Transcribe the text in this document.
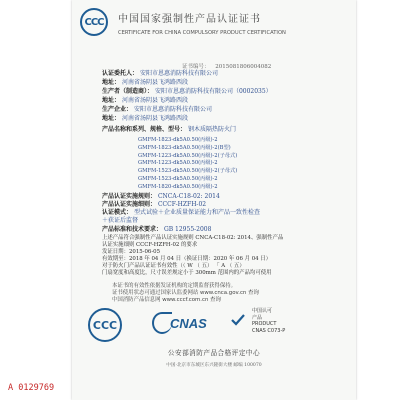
CCC	中国国家强制性产品认证证书
CERTIFICATE FOR CHINA COMPULSORY PRODUCT CERTIFICATION
证书编号： 2015081806004082
认证委托人： 安阳市恩惠消防科技有限公司
地址： 河南省汤阴县飞鸿路西段
生产者（制造商）： 安阳市恩惠消防科技有限公司（0002035）
地址： 河南省汤阴县飞鸿路西段
生产企业： 安阳市恩惠消防科技有限公司
地址： 河南省汤阴县飞鸿路西段
产品名称和系列、规格、型号： 钢木质隔热防火门
GMFM-1823-dk5A0.50(丙级)-2
GMFM-1823-dk5A0.50(丙级)-2(B型)
GMFM-1223-dk5A0.50(丙级)-2(子母式)
GMFM-1223-dk5A0.50(丙级)-2
GMFM-1523-dk5A0.50(丙级)-2(子母式)
GMFM-1523-dk5A0.50(丙级)-2
GMFM-1820-dk5A0.50(丙级)-2
产品认证实施规则： CNCA-C18-02: 2014
产品认证实施细则： CCCF-HZFH-02
认证模式： 型式试验＋企业质量保证能力和产品一致性检查
＋获证后监督
产品标准和技术要求： GB 12955-2008
上述产品符合强制性产品认证实施规则 CNCA-C18-02: 2014、强制性产品
认证实施细则 CCCF-HZFH-02 的要求
发证日期：2015-06-05
有效期至：2018 年 04 月 04 日（换证日期：2020 年 06 月 04 日）
对于防火门产品认证证书有效性（（ W （ 五） 「 A （ 五）
门扇宽度和高度比，尺寸误差规定小于 300mm 范围内的产品均可使用
本证书的有效性依据发证机构的定期监督获得保持。
证书使用状态可通过国家认监委网站 www.cnca.gov.cn 查询
中国消防产品信息网 www.cccf.com.cn 查询
CCC	CNAS
中国认可
产品
PRODUCT
CNAS C073-P
公安部消防产品合格评定中心
中国·北京市东城区东兴隆街大楼 邮编 100070
A 0129769
